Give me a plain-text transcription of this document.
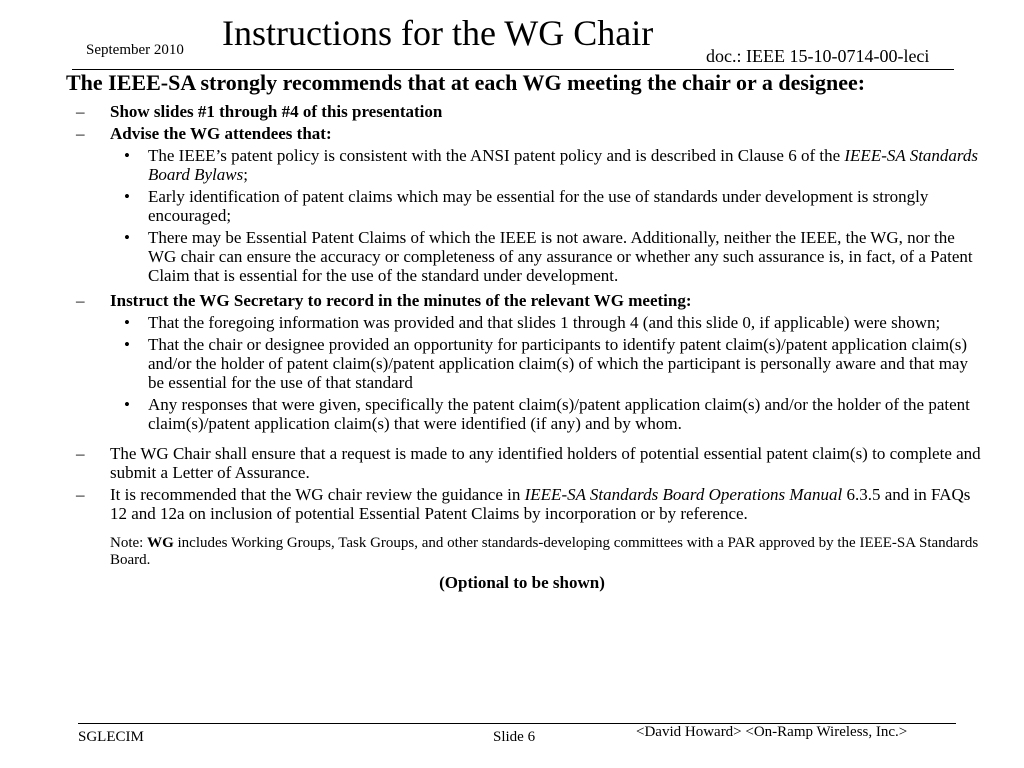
September 2010 Instructions for the WG Chair
doc.: IEEE 15-10-0714-00-leci
The IEEE-SA strongly recommends that at each WG meeting the chair or a designee:
– Show slides #1 through #4 of this presentation
– Advise the WG attendees that:
• The IEEE’s patent policy is consistent with the ANSI patent policy and is described in Clause 6 of the IEEE-SA Standards Board Bylaws;
• Early identification of patent claims which may be essential for the use of standards under development is strongly encouraged;
• There may be Essential Patent Claims of which the IEEE is not aware. Additionally, neither the IEEE, the WG, nor the WG chair can ensure the accuracy or completeness of any assurance or whether any such assurance is, in fact, of a Patent Claim that is essential for the use of the standard under development.
– Instruct the WG Secretary to record in the minutes of the relevant WG meeting:
• That the foregoing information was provided and that slides 1 through 4 (and this slide 0, if applicable) were shown;
• That the chair or designee provided an opportunity for participants to identify patent claim(s)/patent application claim(s) and/or the holder of patent claim(s)/patent application claim(s) of which the participant is personally aware and that may be essential for the use of that standard
• Any responses that were given, specifically the patent claim(s)/patent application claim(s) and/or the holder of the patent claim(s)/patent application claim(s) that were identified (if any) and by whom.
– The WG Chair shall ensure that a request is made to any identified holders of potential essential patent claim(s) to complete and submit a Letter of Assurance.
– It is recommended that the WG chair review the guidance in IEEE-SA Standards Board Operations Manual 6.3.5 and in FAQs 12 and 12a on inclusion of potential Essential Patent Claims by incorporation or by reference.
Note: WG includes Working Groups, Task Groups, and other standards-developing committees with a PAR approved by the IEEE-SA Standards Board.
(Optional to be shown)
SGLECIM	Slide 6	<David Howard> <On-Ramp Wireless, Inc.>
